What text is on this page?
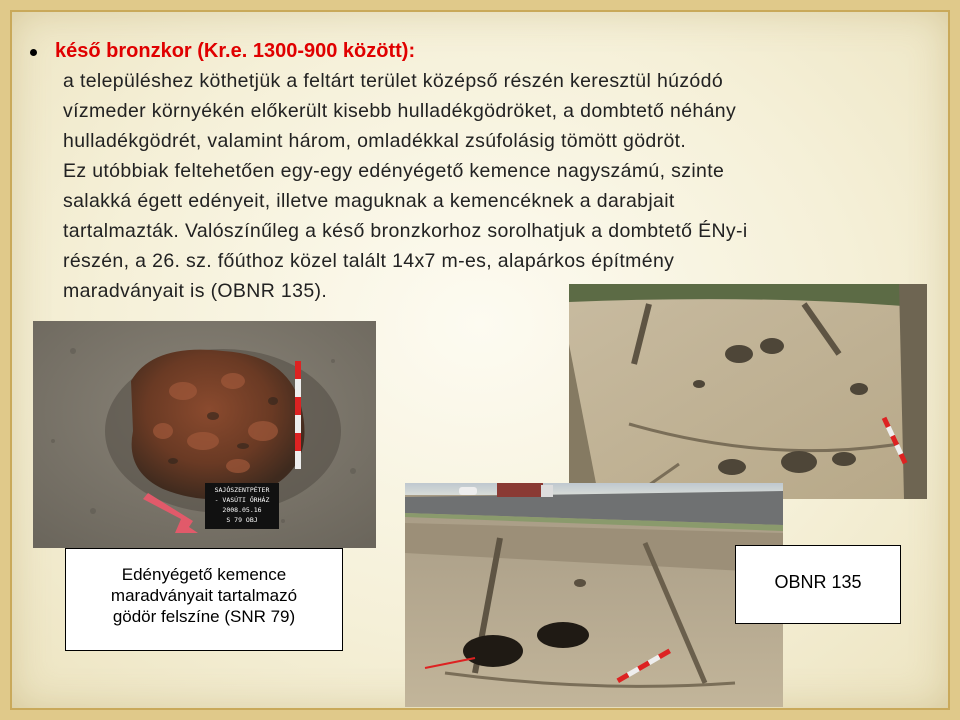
késő bronzkor (Kr.e. 1300-900 között):

a településhez köthetjük a feltárt terület középső részén keresztül húzódó

vízmeder környékén előkerült kisebb hulladékgödröket, a dombtető néhány

hulladékgödrét, valamint három, omladékkal zsúfolásig tömött gödröt.

Ez utóbbiak feltehetően egy-egy edényégető kemence nagyszámú, szinte

salakká égett edényeit, illetve maguknak a kemencéknek a darabjait

tartalmazták. Valószínűleg a késő bronzkorhoz sorolhatjuk a dombtető ÉNy-i

részén, a 26. sz. főúthoz közel talált 14x7 m-es, alapárkos építmény

maradványait is (OBNR 135).

SAJÓSZENTPÉTER
- VASÚTI ŐRHÁZ
2008.05.16
S 79 OBJ
Edényégető kemence
maradványait tartalmazó
gödör felszíne (SNR 79)
OBNR 135
